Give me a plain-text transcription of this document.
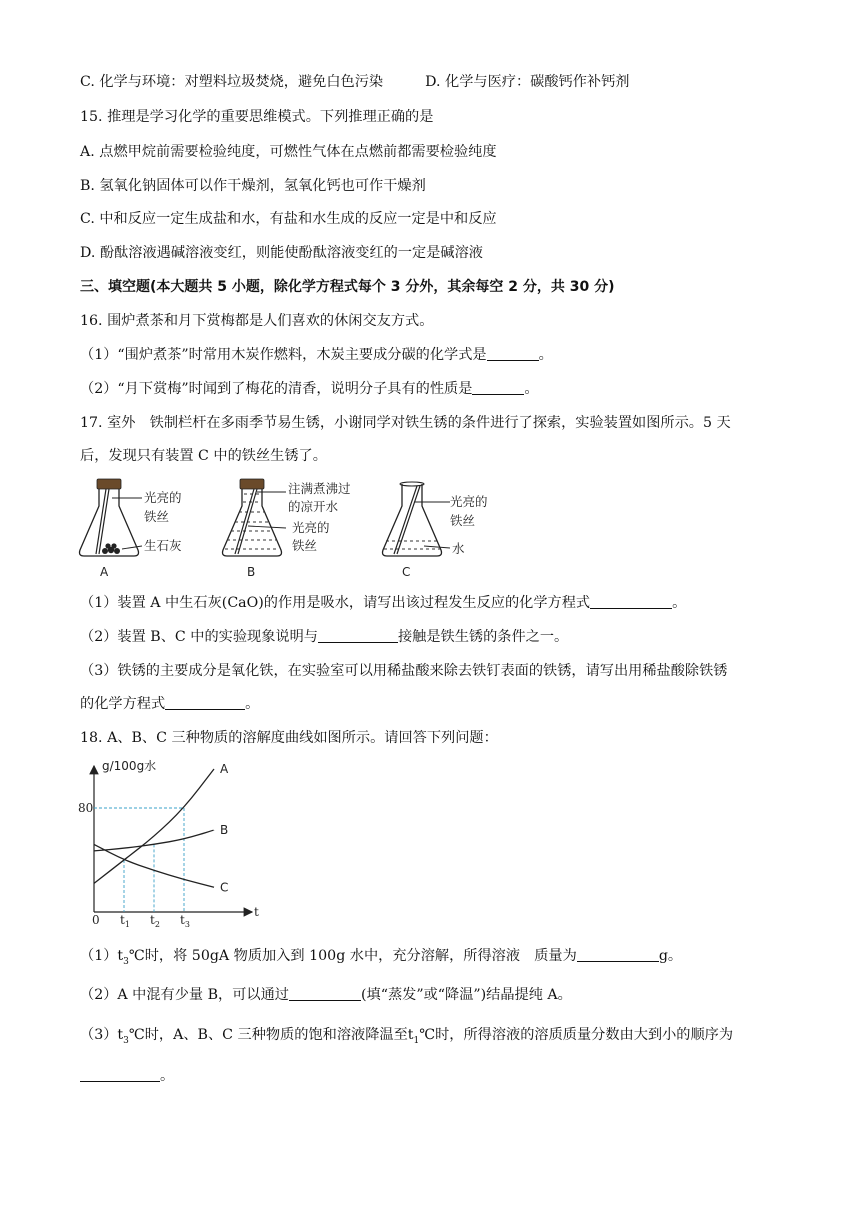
C. 化学与环境：对塑料垃圾焚烧，避免白色污染	D. 化学与医疗：碳酸钙作补钙剂
15. 推理是学习化学的重要思维模式。下列推理正确的是
A. 点燃甲烷前需要检验纯度，可燃性气体在点燃前都需要检验纯度
B. 氢氧化钠固体可以作干燥剂，氢氧化钙也可作干燥剂
C. 中和反应一定生成盐和水，有盐和水生成的反应一定是中和反应
D. 酚酞溶液遇碱溶液变红，则能使酚酞溶液变红的一定是碱溶液
三、填空题(本大题共 5 小题，除化学方程式每个 3 分外，其余每空 2 分，共 30 分)
16. 围炉煮茶和月下赏梅都是人们喜欢的休闲交友方式。
（1）“围炉煮茶”时常用木炭作燃料，木炭主要成分碳的化学式是	。
（2）“月下赏梅”时闻到了梅花的清香，说明分子具有的性质是	。
17. 室外　铁制栏杆在多雨季节易生锈，小谢同学对铁生锈的条件进行了探索，实验装置如图所示。5 天
后，发现只有装置 C 中的铁丝生锈了。
光亮的
铁丝
生石灰
A
注满煮沸过
的凉开水
光亮的
铁丝
B
光亮的
铁丝
水
C
（1）装置 A 中生石灰(CaO)的作用是吸水，请写出该过程发生反应的化学方程式	。
（2）装置 B、C 中的实验现象说明与	接触是铁生锈的条件之一。
（3）铁锈的主要成分是氧化铁，在实验室可以用稀盐酸来除去铁钉表面的铁锈，请写出用稀盐酸除铁锈
的化学方程式	。
18. A、B、C 三种物质的溶解度曲线如图所示。请回答下列问题：
g/100g水
t
0
80
$t_1$ $t_2$ $t_3$
A
B
C
$(1)t_3℃$时，将 50gA 物质加入到 100g 水中，充分溶解，所得溶液　质量为	g。
（2）A 中混有少量 B，可以通过	(填“蒸发”或“降温”)结晶提纯 A。
$(3)t_3℃$时，A、B、C 三种物质的饱和溶液降温至$t_1℃$时，所得溶液的溶质质量分数由大到小的顺序为
。
